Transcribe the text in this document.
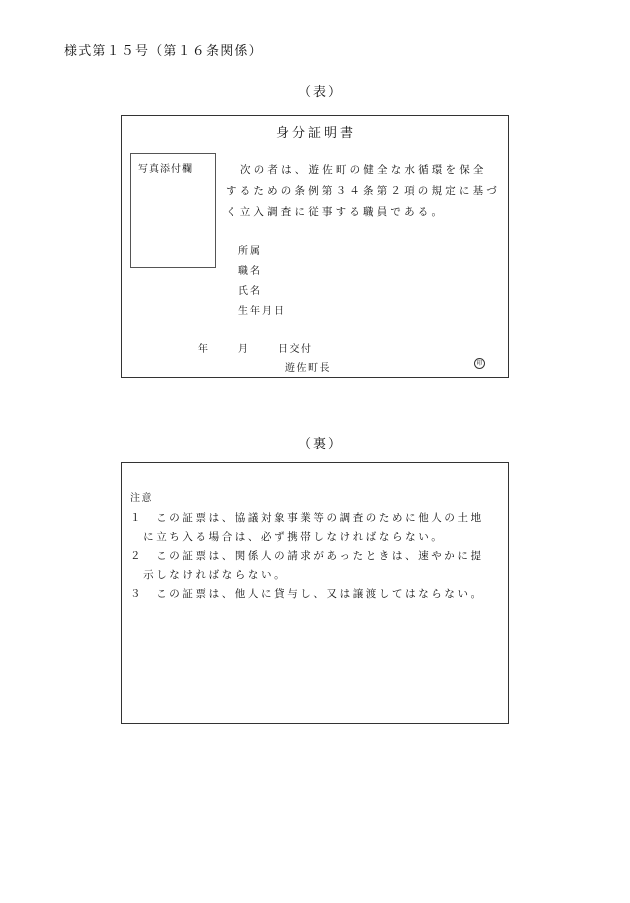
様式第１５号（第１６条関係）
（表）
身分証明書
写真添付欄	次の者は、遊佐町の健全な水循環を保全
するための条例第３４条第２項の規定に基づ
く立入調査に従事する職員である。
所属
職名
氏名
生年月日
年	月	日交付
遊佐町長	印
（裏）
注意
１　この証票は、協議対象事業等の調査のために他人の土地
　に立ち入る場合は、必ず携帯しなければならない。
２　この証票は、関係人の請求があったときは、速やかに提
　示しなければならない。
３　この証票は、他人に貸与し、又は譲渡してはならない。
